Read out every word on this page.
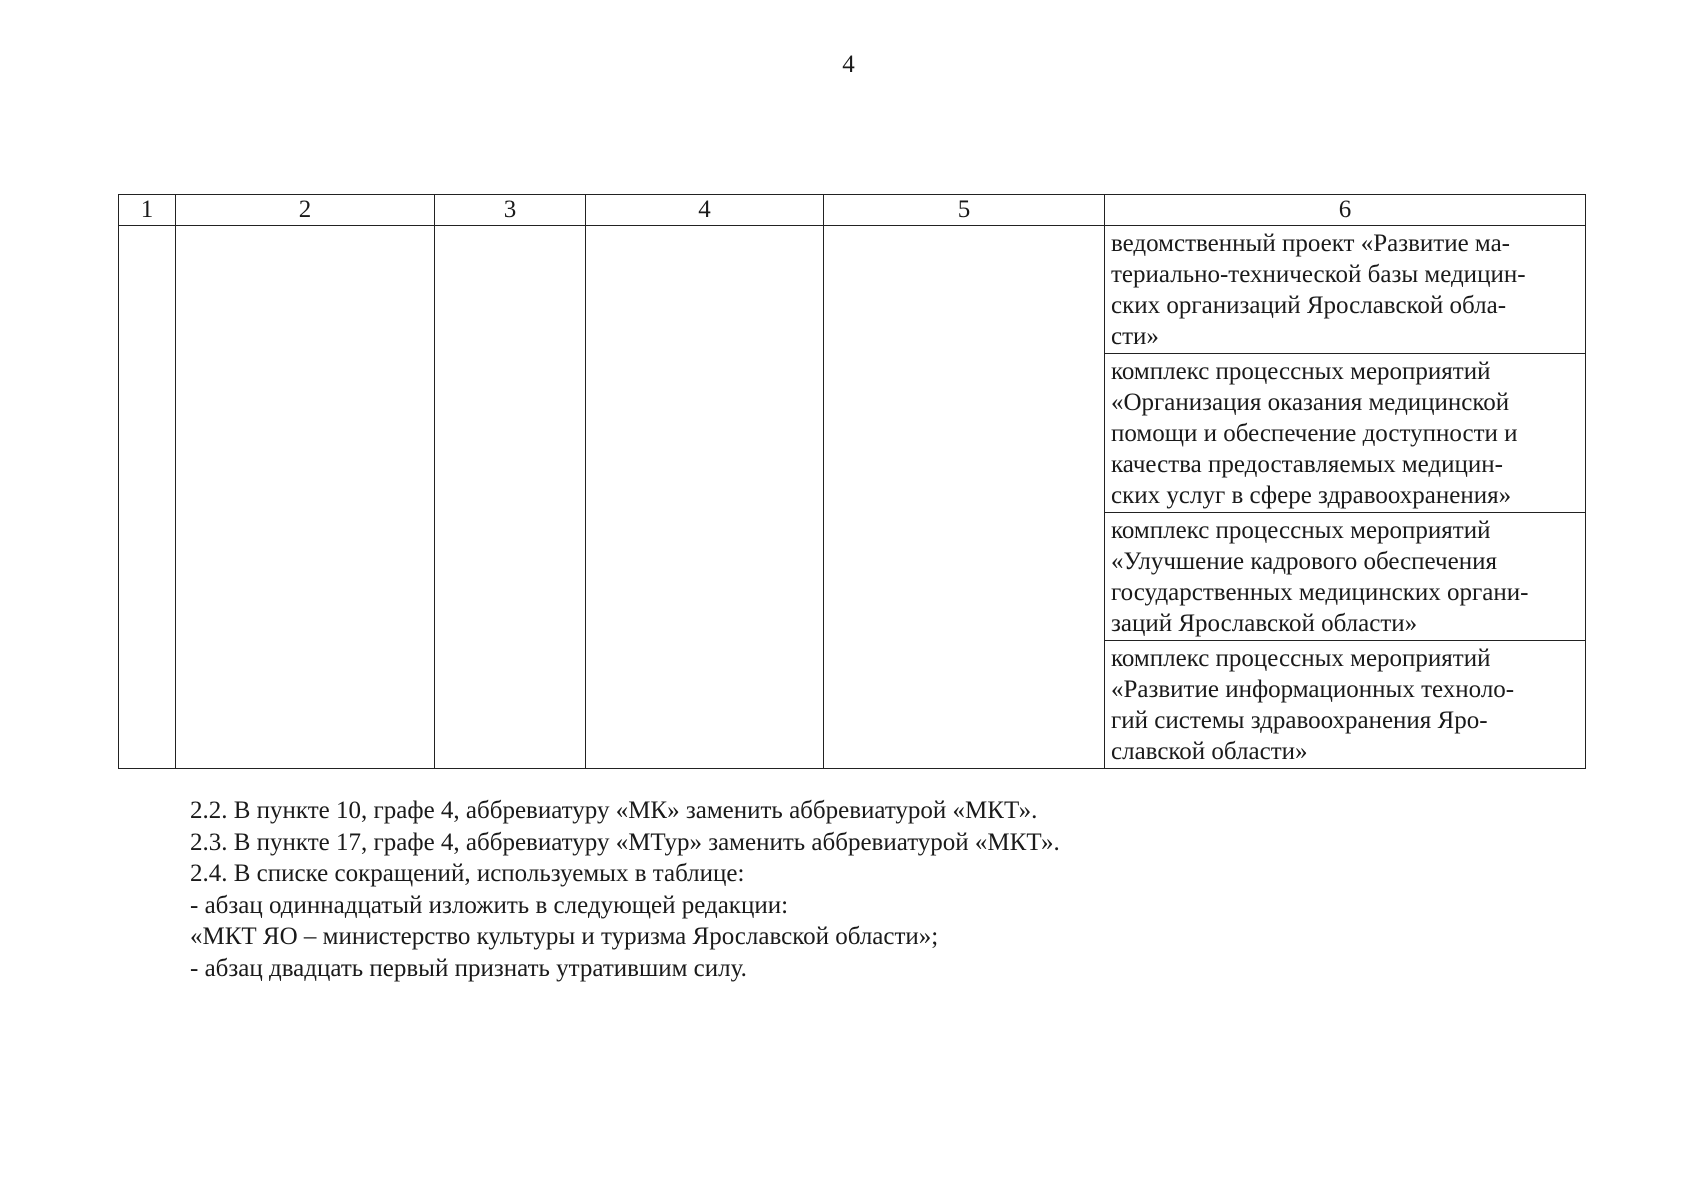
4
1	2	3	4	5	6
					ведомственный проект «Развитие ма-
териально-технической базы медицин-
ских организаций Ярославской обла-
сти»
					комплекс процессных мероприятий
«Организация оказания медицинской
помощи и обеспечение доступности и
качества предоставляемых медицин-
ских услуг в сфере здравоохранения»
					комплекс процессных мероприятий
«Улучшение кадрового обеспечения
государственных медицинских органи-
заций Ярославской области»
					комплекс процессных мероприятий
«Развитие информационных техноло-
гий системы здравоохранения Яро-
славской области»
2.2. В пункте 10, графе 4, аббревиатуру «МК» заменить аббревиатурой «МКТ».
2.3. В пункте 17, графе 4, аббревиатуру «МТур» заменить аббревиатурой «МКТ».
2.4. В списке сокращений, используемых в таблице:
- абзац одиннадцатый изложить в следующей редакции:
«МКТ ЯО – министерство культуры и туризма Ярославской области»;
- абзац двадцать первый признать утратившим силу.
